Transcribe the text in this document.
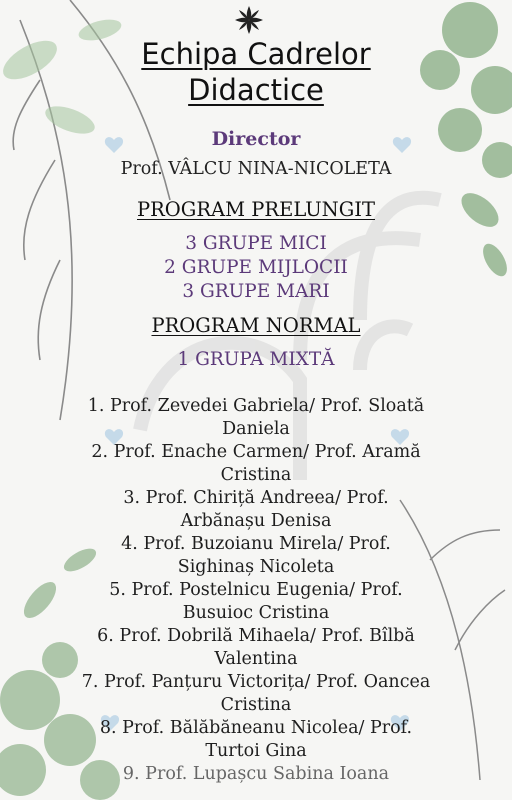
Echipa Cadrelor
Didactice
Director
Prof. VÂLCU NINA-NICOLETA
PROGRAM PRELUNGIT
3 GRUPE MICI
2 GRUPE MIJLOCII
3 GRUPE MARI
PROGRAM NORMAL
1 GRUPA MIXTĂ
1. Prof. Zevedei Gabriela/ Prof. Sloată
Daniela
2. Prof. Enache Carmen/ Prof. Aramă
Cristina
3. Prof. Chiriță Andreea/ Prof.
Arbănașu Denisa
4. Prof. Buzoianu Mirela/ Prof.
Sighinaș Nicoleta
5. Prof. Postelnicu Eugenia/ Prof.
Busuioc Cristina
6. Prof. Dobrilă Mihaela/ Prof. Bîlbă
Valentina
7. Prof. Panțuru Victorița/ Prof. Oancea
Cristina
8. Prof. Bălăbăneanu Nicolea/ Prof.
Turtoi Gina
9. Prof. Lupașcu Sabina Ioana
